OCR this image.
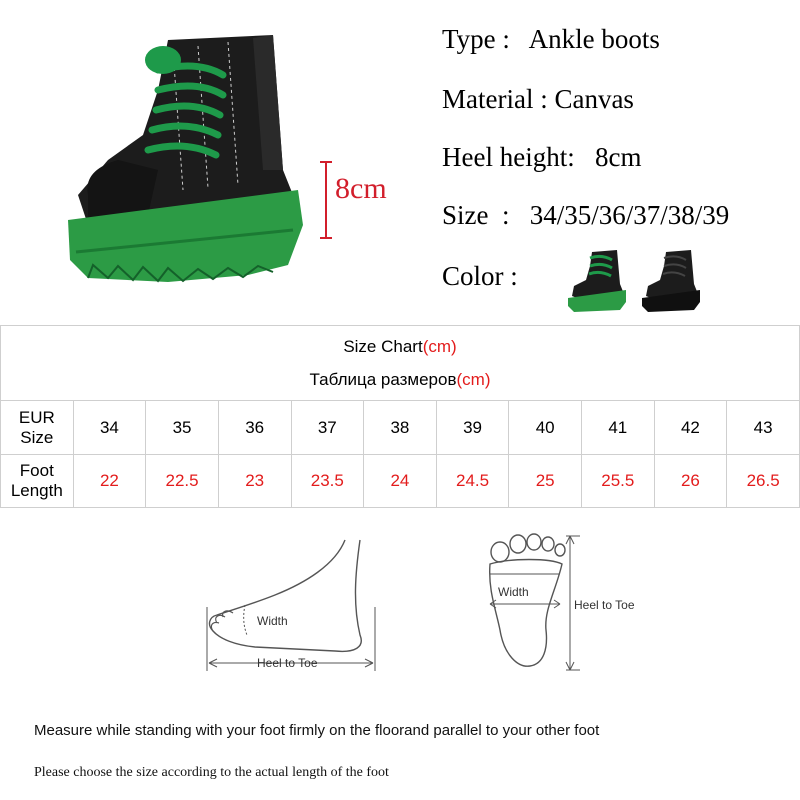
Type :   Ankle boots
Material : Canvas
Heel height:   8cm
Size  :   34/35/36/37/38/39
Color :
8cm
Size Chart(cm)
Таблица размеров(cm)										

EUR Size	34	35	36	37	38	39	40	41	42	43
Foot Length	22	22.5	23	23.5	24	24.5	25	25.5	26	26.5
Width
Heel to Toe
Width
Heel to Toe
Measure while standing with your foot firmly on the floorand parallel to your other foot
Please choose the size according to the actual length of the foot
